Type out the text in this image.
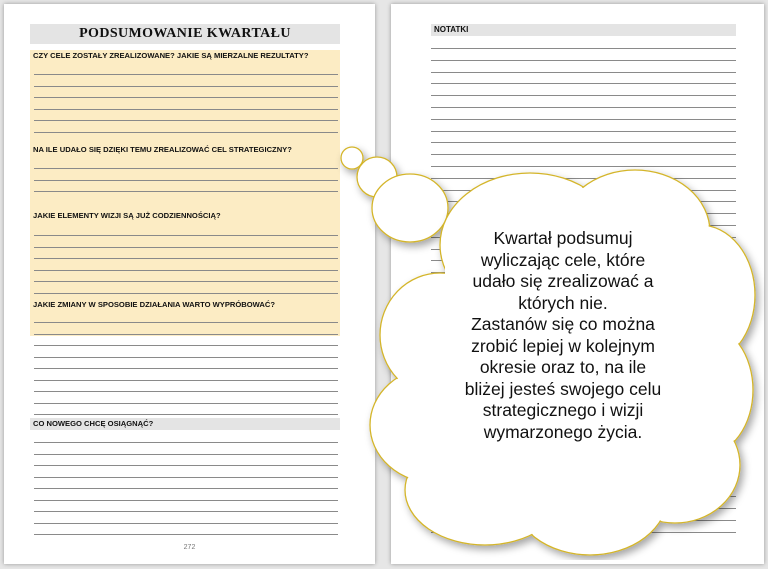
PODSUMOWANIE KWARTAŁU
CZY CELE ZOSTAŁY ZREALIZOWANE? JAKIE SĄ MIERZALNE REZULTATY?
NA ILE UDAŁO SIĘ DZIĘKI TEMU ZREALIZOWAĆ CEL STRATEGICZNY?
JAKIE ELEMENTY WIZJI SĄ JUŻ CODZIENNOŚCIĄ?
JAKIE ZMIANY W SPOSOBIE DZIAŁANIA WARTO WYPRÓBOWAĆ?
CO NOWEGO CHCĘ OSIĄGNĄĆ?
272
NOTATKI
Kwartał podsumuj
wyliczając cele, które
udało się zrealizować a
których nie.
Zastanów się co można
zrobić lepiej w kolejnym
okresie oraz to, na ile
bliżej jesteś swojego celu
strategicznego i wizji
wymarzonego życia.
